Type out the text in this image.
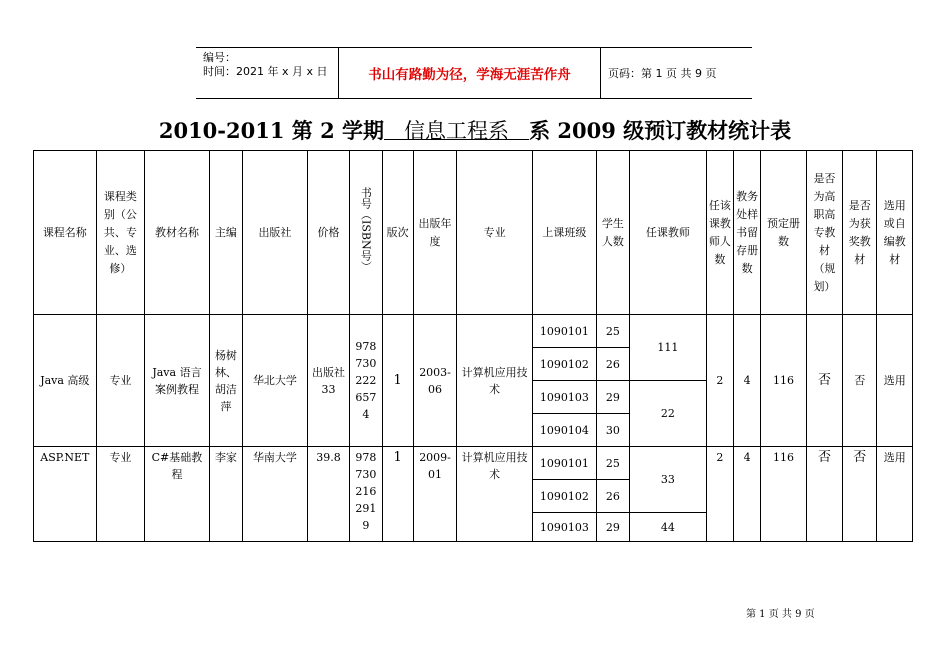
编号：
时间：2021 年 x 月 x 日	书山有路勤为径，学海无涯苦作舟	页码：第 1 页 共 9 页
2010-2011 第 2 学期   信息工程系   系 2009 级预订教材统计表
课程名称	课程类别（公共、专业、选修）	教材名称	主编	出版社	价格	书号（ISBN号）	版次	出版年度	专业	上课班级	学生人数	任课教师	任该课教师人数	教务处样书留存册数	预定册数	是否为高职高专教材（规划）	是否为获奖教材	选用或自编教材
Java 高级	专业	Java 语言案例教程	杨树林、胡洁萍	华北大学	出版社 33	9787302226574	1	2003-06	计算机应用技术	1090101	25	111	2	4	116	否	否	选用
										1090102	26							
										1090103	29	22						
										1090104	30							
ASP.NET	专业	C#基础教程	李家	华南大学	39.8	9787302162919	1	2009-01	计算机应用技术	1090101	25	33	2	4	116	否	否	选用
										1090102	26							
										1090103	29	44						
第 1 页 共 9 页
